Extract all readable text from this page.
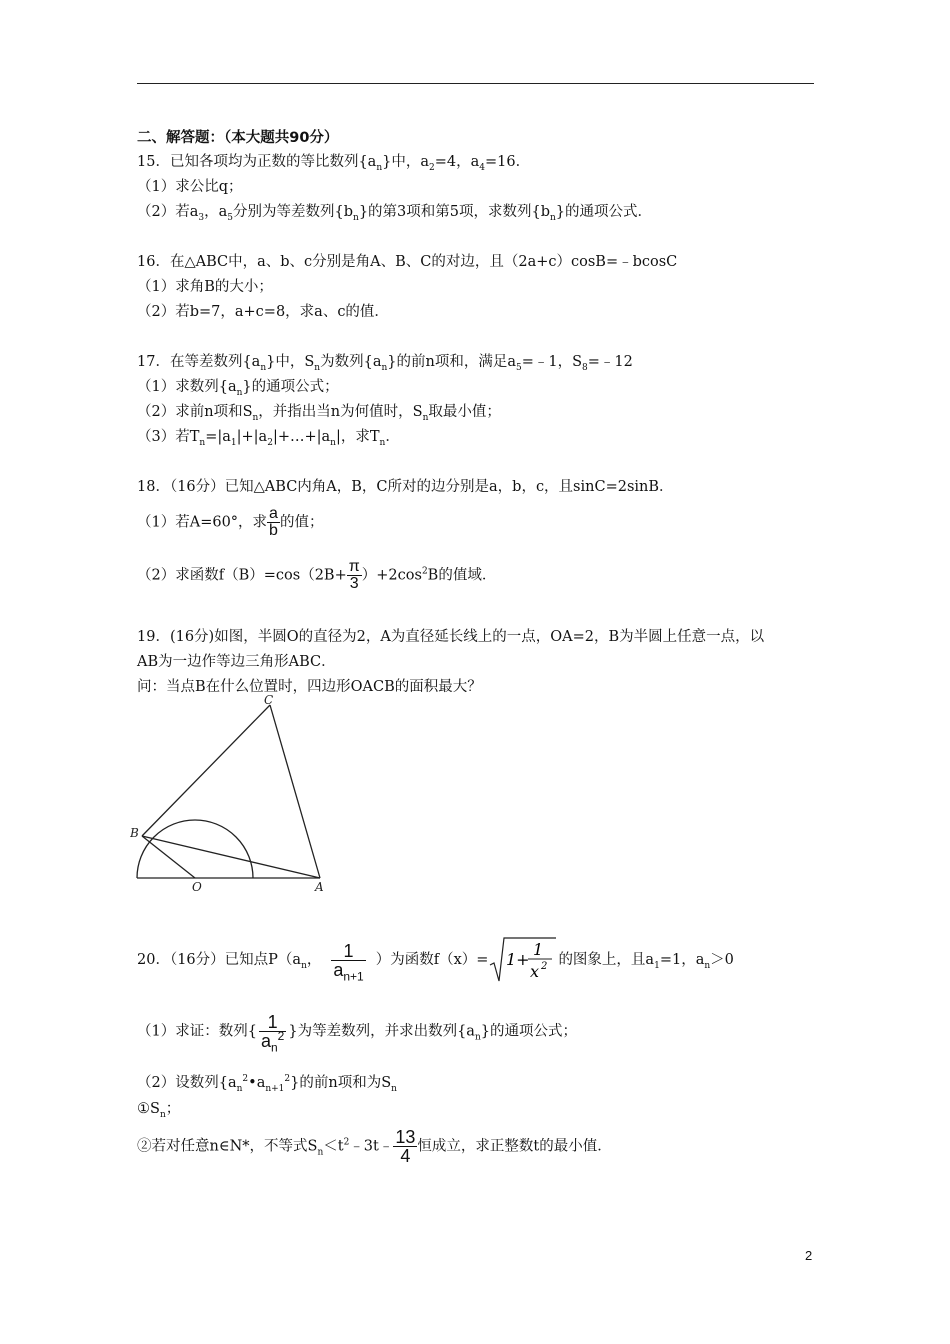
二、解答题：（本大题共90分）
15．已知各项均为正数的等比数列$\{a_n\}$中，$a_2=4$，$a_4=16$．
（1）求公比q；
（2）若$a_3$，$a_5$分别为等差数列$\{b_n\}$的第3项和第5项，求数列$\{b_n\}$的通项公式．
16．在△ABC中，a、b、c分别是角A、B、C的对边，且（2a+c）cosB=﹣bcosC
（1）求角B的大小；
（2）若b=7，a+c=8，求a、c的值．
17．在等差数列$\{a_n\}$中，$S_n$为数列$\{a_n\}$的前n项和，满足$a_5=﹣1$，$S_8=﹣12$
（1）求数列$\{a_n\}$的通项公式；
（2）求前n项和$S_n$，并指出当n为何值时，$S_n$取最小值；
（3）若$T_n=|a_1|+|a_2|+\dots+|a_n|$，求$T_n$．
18．（16分）已知△ABC内角A，B，C所对的边分别是a，b，c，且sinC=2sinB．
（1）若A=60°，求 $\frac{a}{b}$ 的值；
（2）求函数$f(B)=\cos(2B+ \frac{\pi}{3} )+2\cos^2B$的值域．
19．(16分)如图，半圆O的直径为2，A为直径延长线上的一点，OA=2，B为半圆上任意一点，以
AB为一边作等边三角形ABC．
问：当点B在什么位置时，四边形OACB的面积最大？
C
B
O	A
20．（16分）已知点$P(a_n$， $\frac{1}{a_{n+1}}$ ）为函数f（x）= 1+
1
x 2 的图象上，且$a_1=1$，$a_n>0$
（1）求证：数列{ $\frac{1}{a_n^2}$ }为等差数列，并求出数列$\{a_n\}$的通项公式；
（2）设数列$\{a_n^2•a_{n+1}^2\}$的前n项和为$S_n$
$①S_n$；
②若对任意n∈N*，不等式$S_n<t^2﹣3t﹣ \frac{13}{4}$ 恒成立，求正整数t的最小值．
2
